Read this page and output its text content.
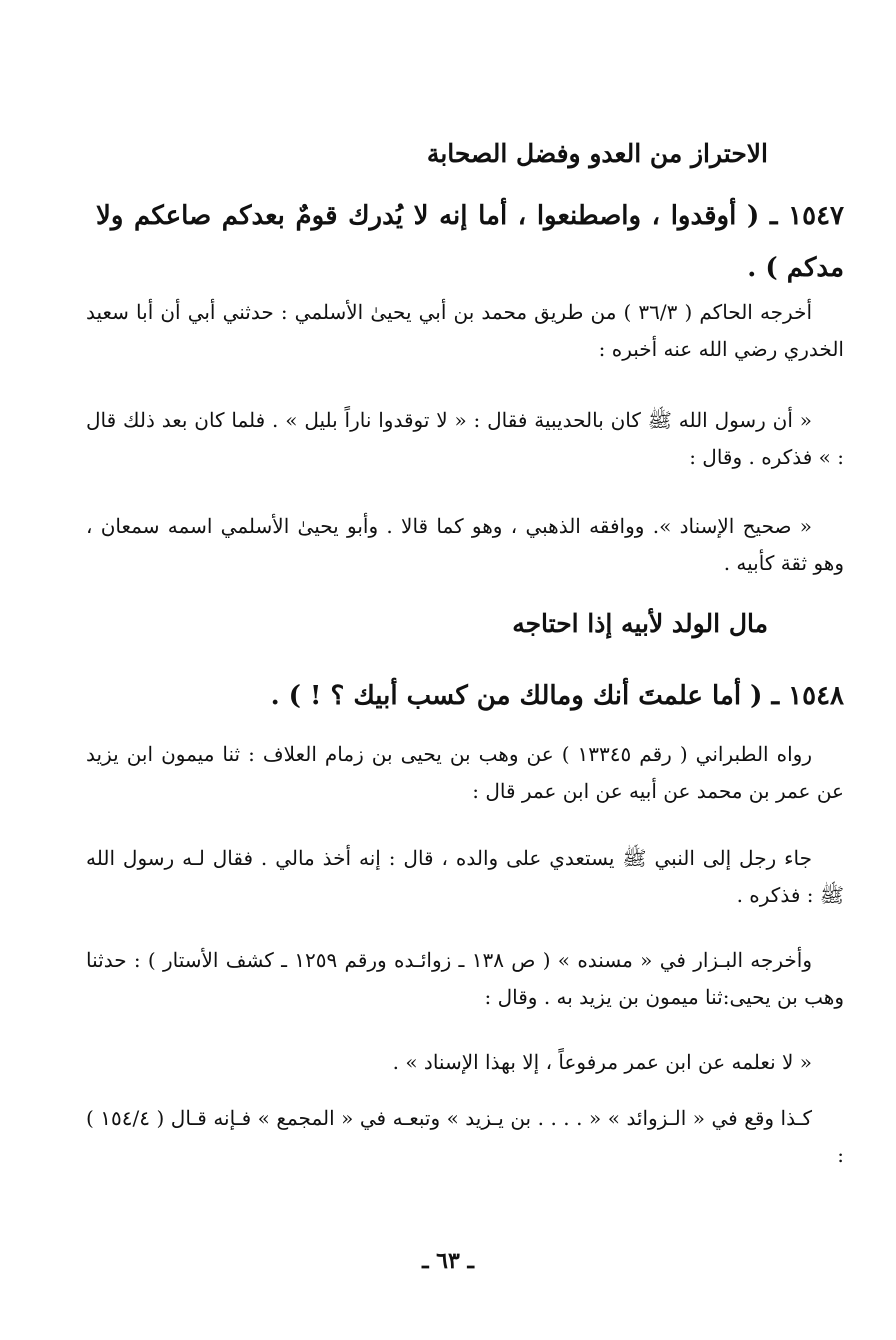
الاحتراز من العدو وفضل الصحابة
١٥٤٧ ـ ( أوقدوا ، واصطنعوا ، أما إنه لا يُدرك قومٌ بعدكم صاعكم ولا مدكم ) .
أخرجه الحاكم ( ٣٦/٣ ) من طريق محمد بن أبي يحيىٰ الأسلمي : حدثني أبي أن أبا سعيد الخدري رضي الله عنه أخبره :
« أن رسول الله ﷺ كان بالحديبية فقال : « لا توقدوا ناراً بليل » . فلما كان بعد ذلك قال : » فذكره . وقال :
« صحيح الإسناد ». ووافقه الذهبي ، وهو كما قالا . وأبو يحيىٰ الأسلمي اسمه سمعان ، وهو ثقة كأبيه .
مال الولد لأبيه إذا احتاجه
١٥٤٨ ـ ( أما علمتَ أنك ومالك من كسب أبيك ؟ ! ) .
رواه الطبراني ( رقم ١٣٣٤٥ ) عن وهب بن يحيى بن زمام العلاف : ثنا ميمون ابن يزيد عن عمر بن محمد عن أبيه عن ابن عمر قال :
جاء رجل إلى النبي ﷺ يستعدي على والده ، قال : إنه أخذ مالي . فقال لـه رسول الله ﷺ : فذكره .
وأخرجه البـزار في « مسنده » ( ص ١٣٨ ـ زوائـده ورقم ١٢٥٩ ـ كشف الأستار ) : حدثنا وهب بن يحيى:ثنا ميمون بن يزيد به . وقال :
« لا نعلمه عن ابن عمر مرفوعاً ، إلا بهذا الإسناد » .
كـذا وقع في « الـزوائد » « . . . . بن يـزيد » وتبعـه في « المجمع » فـإنه قـال ( ١٥٤/٤ ) :
ـ ٦٣ ـ
